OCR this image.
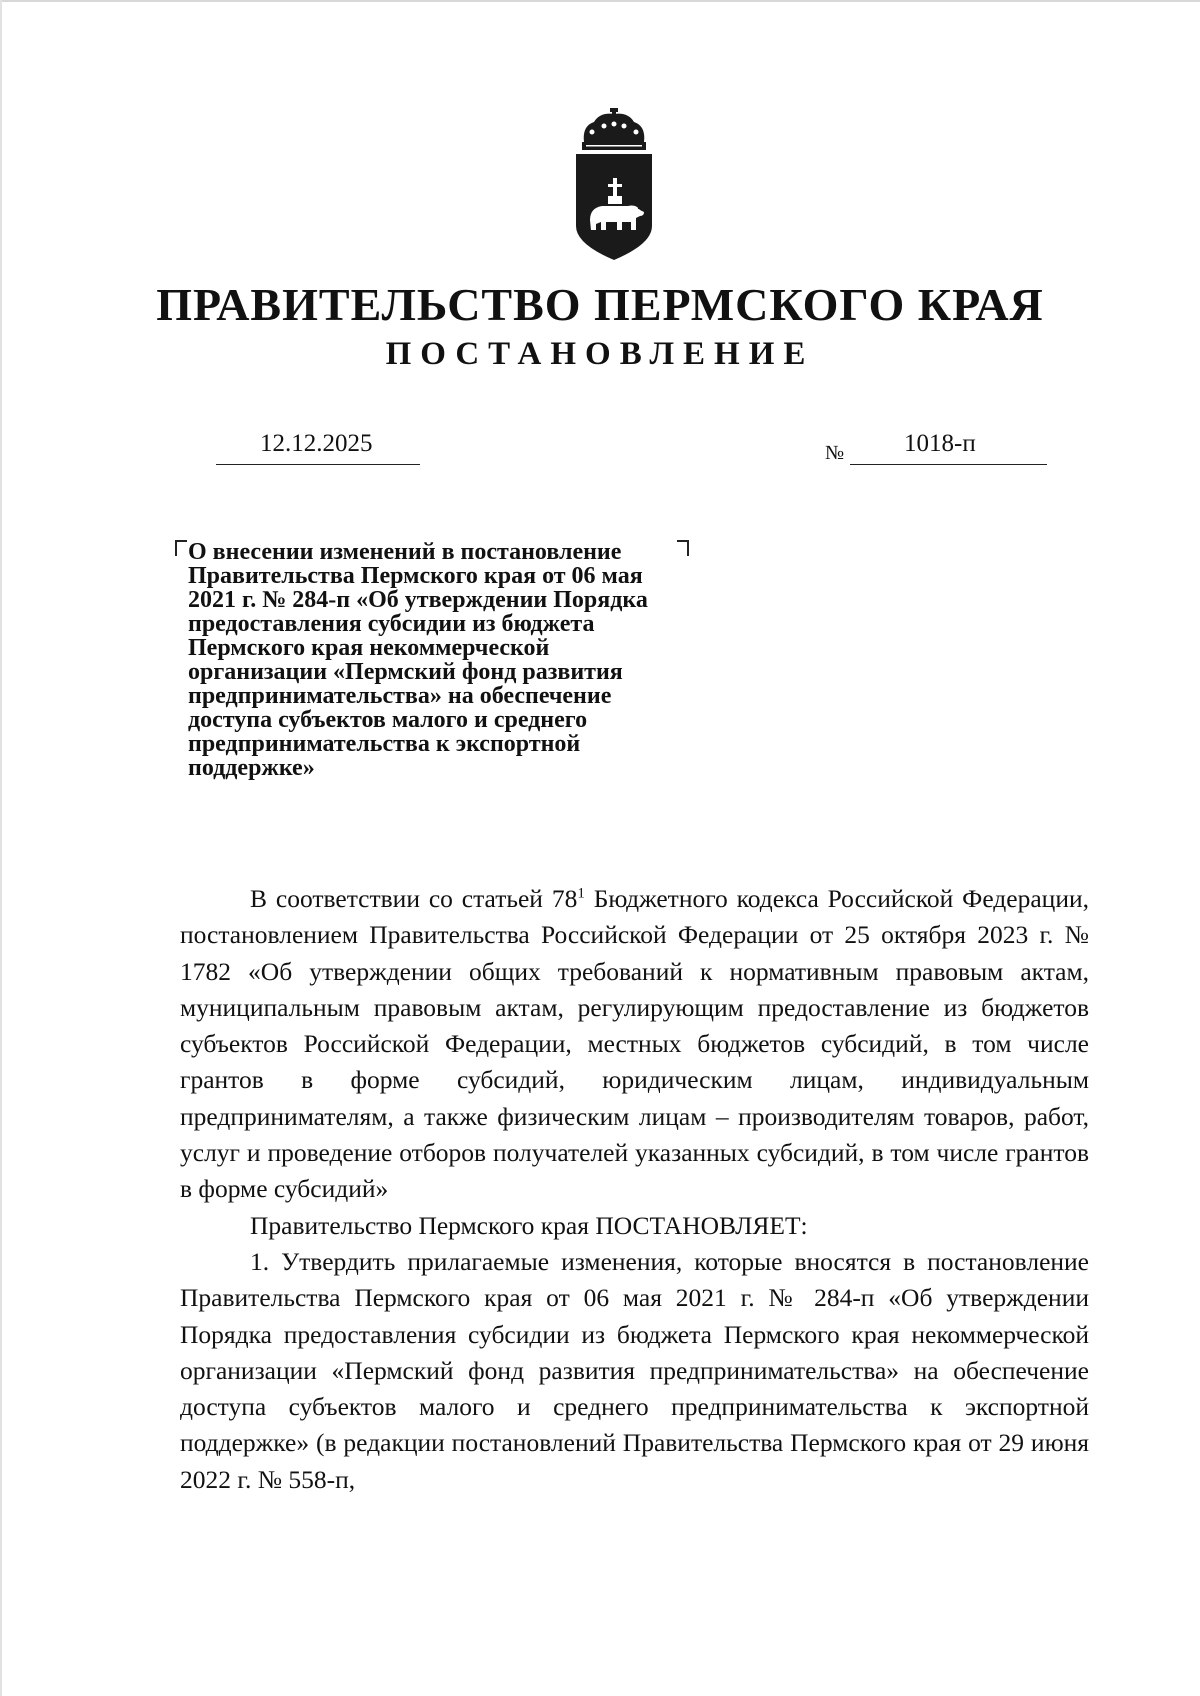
ПРАВИТЕЛЬСТВО ПЕРМСКОГО КРАЯ
ПОСТАНОВЛЕНИЕ
12.12.2025	№ 1018-п
О внесении изменений в постановление
Правительства Пермского края от 06 мая
2021 г. № 284-п «Об утверждении Порядка
предоставления субсидии из бюджета
Пермского края некоммерческой
организации «Пермский фонд развития
предпринимательства» на обеспечение
доступа субъектов малого и среднего
предпринимательства к экспортной
поддержке»

В соответствии со статьей $78^1$ Бюджетного кодекса Российской Федерации, постановлением Правительства Российской Федерации от 25 октября 2023 г. № 1782 «Об утверждении общих требований к нормативным правовым актам, муниципальным правовым актам, регулирующим предоставление из бюджетов субъектов Российской Федерации, местных бюджетов субсидий, в том числе грантов в форме субсидий, юридическим лицам, индивидуальным предпринимателям, а также физическим лицам – производителям товаров, работ, услуг и проведение отборов получателей указанных субсидий, в том числе грантов в форме субсидий»

Правительство Пермского края ПОСТАНОВЛЯЕТ:

1. Утвердить прилагаемые изменения, которые вносятся в постановление Правительства Пермского края от 06 мая 2021 г. № 284-п «Об утверждении Порядка предоставления субсидии из бюджета Пермского края некоммерческой организации «Пермский фонд развития предпринимательства» на обеспечение доступа субъектов малого и среднего предпринимательства к экспортной поддержке» (в редакции постановлений Правительства Пермского края от 29 июня 2022 г. № 558-п,
